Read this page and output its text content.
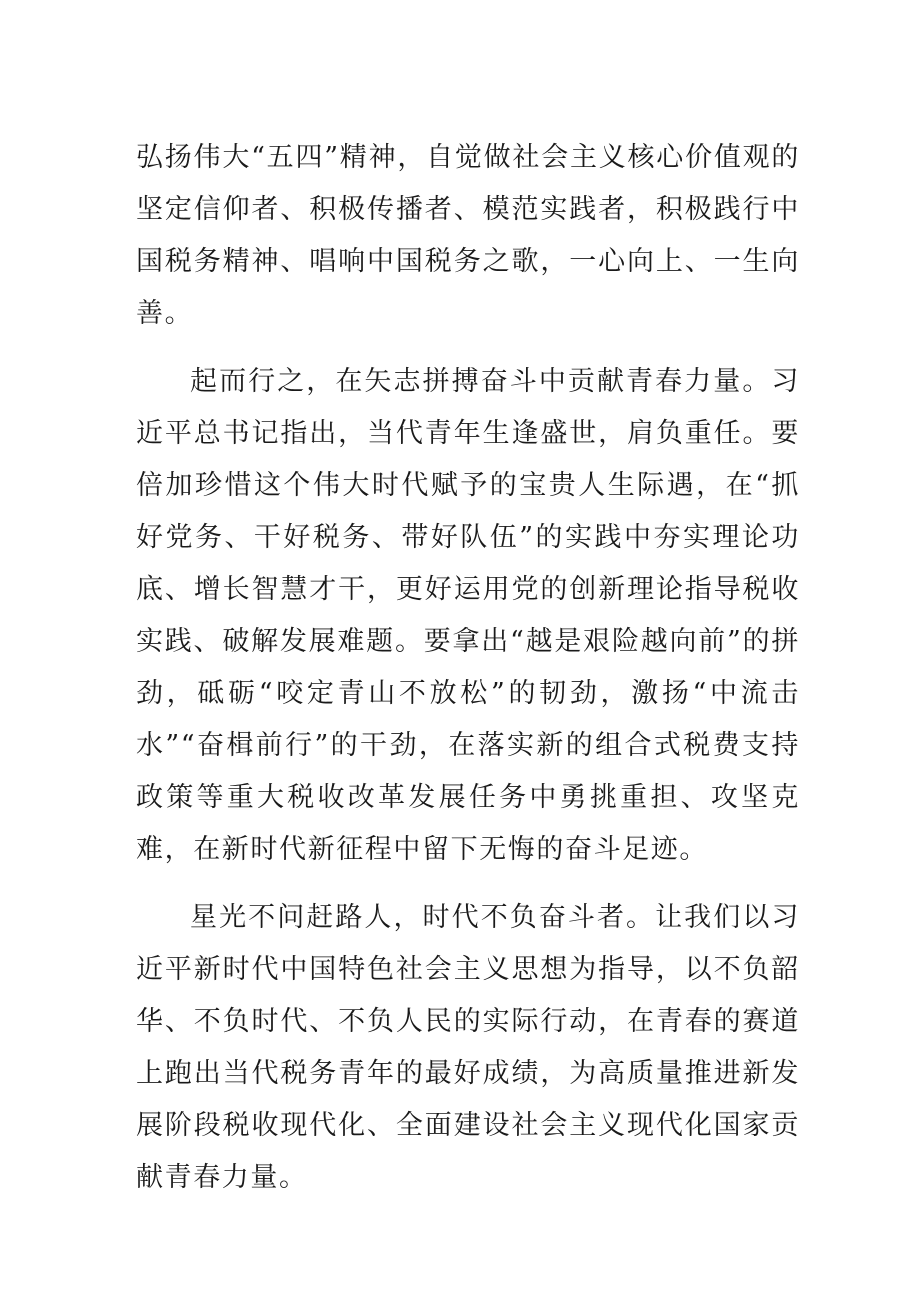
弘扬伟大“五四”精神，自觉做社会主义核心价值观的坚定信仰者、积极传播者、模范实践者，积极践行中国税务精神、唱响中国税务之歌，一心向上、一生向善。

起而行之，在矢志拼搏奋斗中贡献青春力量。习近平总书记指出，当代青年生逢盛世，肩负重任。要倍加珍惜这个伟大时代赋予的宝贵人生际遇，在“抓好党务、干好税务、带好队伍”的实践中夯实理论功底、增长智慧才干，更好运用党的创新理论指导税收实践、破解发展难题。要拿出“越是艰险越向前”的拼劲，砥砺“咬定青山不放松”的韧劲，激扬“中流击水”“奋楫前行”的干劲，在落实新的组合式税费支持政策等重大税收改革发展任务中勇挑重担、攻坚克难，在新时代新征程中留下无悔的奋斗足迹。

星光不问赶路人，时代不负奋斗者。让我们以习近平新时代中国特色社会主义思想为指导，以不负韶华、不负时代、不负人民的实际行动，在青春的赛道上跑出当代税务青年的最好成绩，为高质量推进新发展阶段税收现代化、全面建设社会主义现代化国家贡献青春力量。
